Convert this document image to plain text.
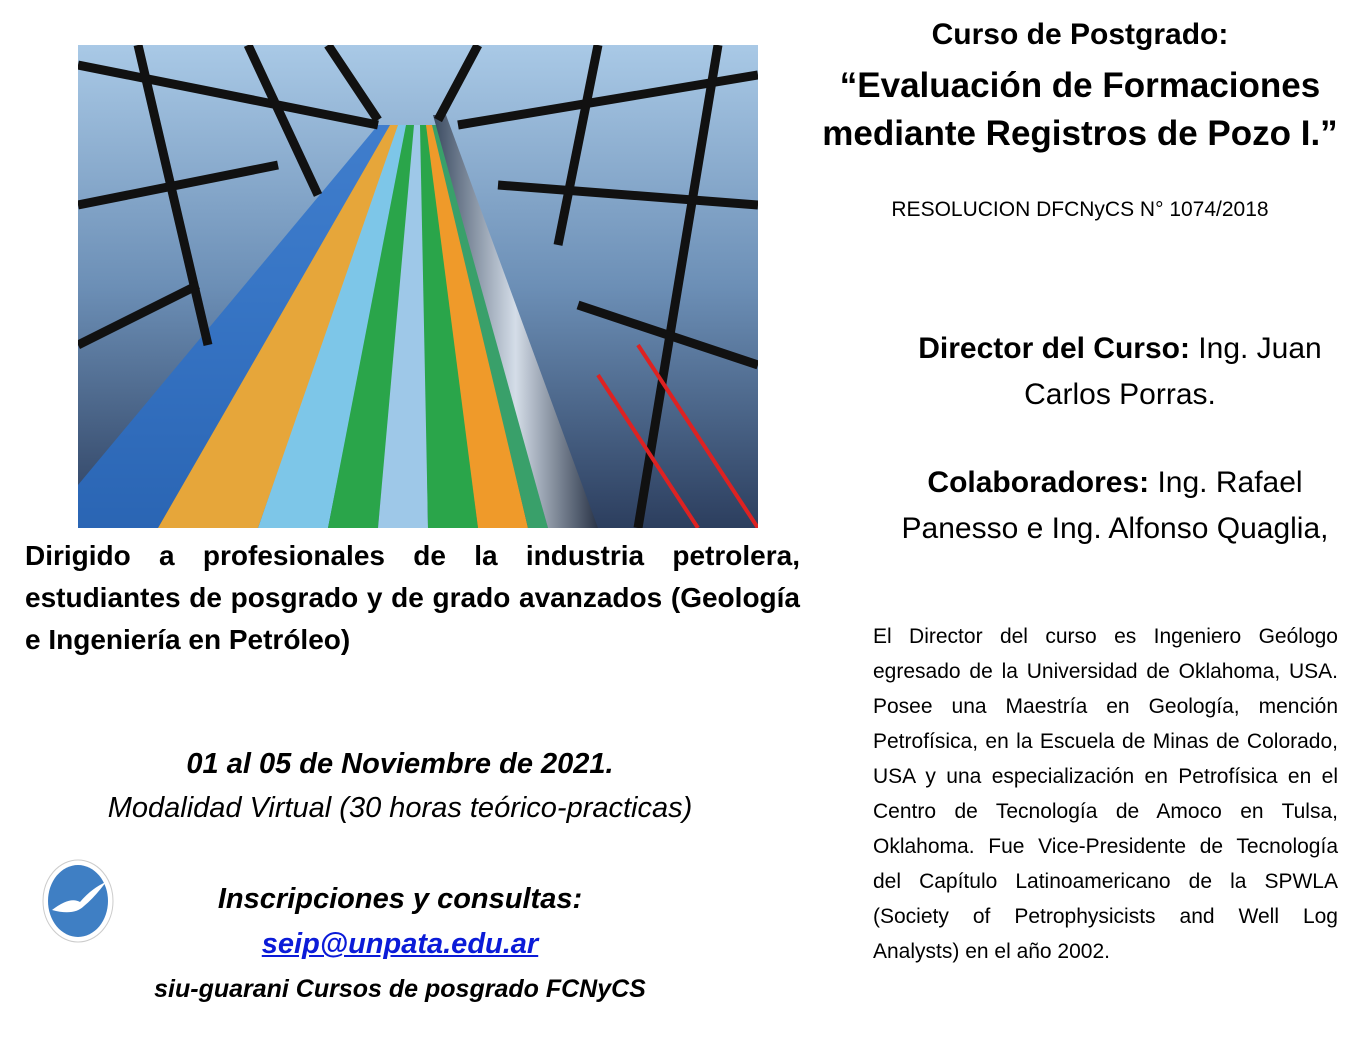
Curso de Postgrado:
“Evaluación de Formaciones
mediante Registros de Pozo I.”
RESOLUCION DFCNyCS N° 1074/2018
Director del Curso: Ing. Juan Carlos Porras.
Colaboradores: Ing. Rafael Panesso e Ing. Alfonso Quaglia,
El Director del curso es Ingeniero Geólogo egresado de la Universidad de Oklahoma, USA. Posee una Maestría en Geología, mención Petrofísica, en la Escuela de Minas de Colorado, USA y una especialización en Petrofísica en el Centro de Tecnología de Amoco en Tulsa, Oklahoma. Fue Vice-Presidente de Tecnología del Capítulo Latinoamericano de la SPWLA (Society of Petrophysicists and Well Log Analysts) en el año 2002.
Dirigido a profesionales de la industria petrolera, estudiantes de posgrado y de grado avanzados (Geología e Ingeniería en Petróleo)
01 al 05 de Noviembre de 2021.
Modalidad Virtual (30 horas teórico-practicas)
Inscripciones y consultas:
seip@unpata.edu.ar
siu-guarani Cursos de posgrado FCNyCS
